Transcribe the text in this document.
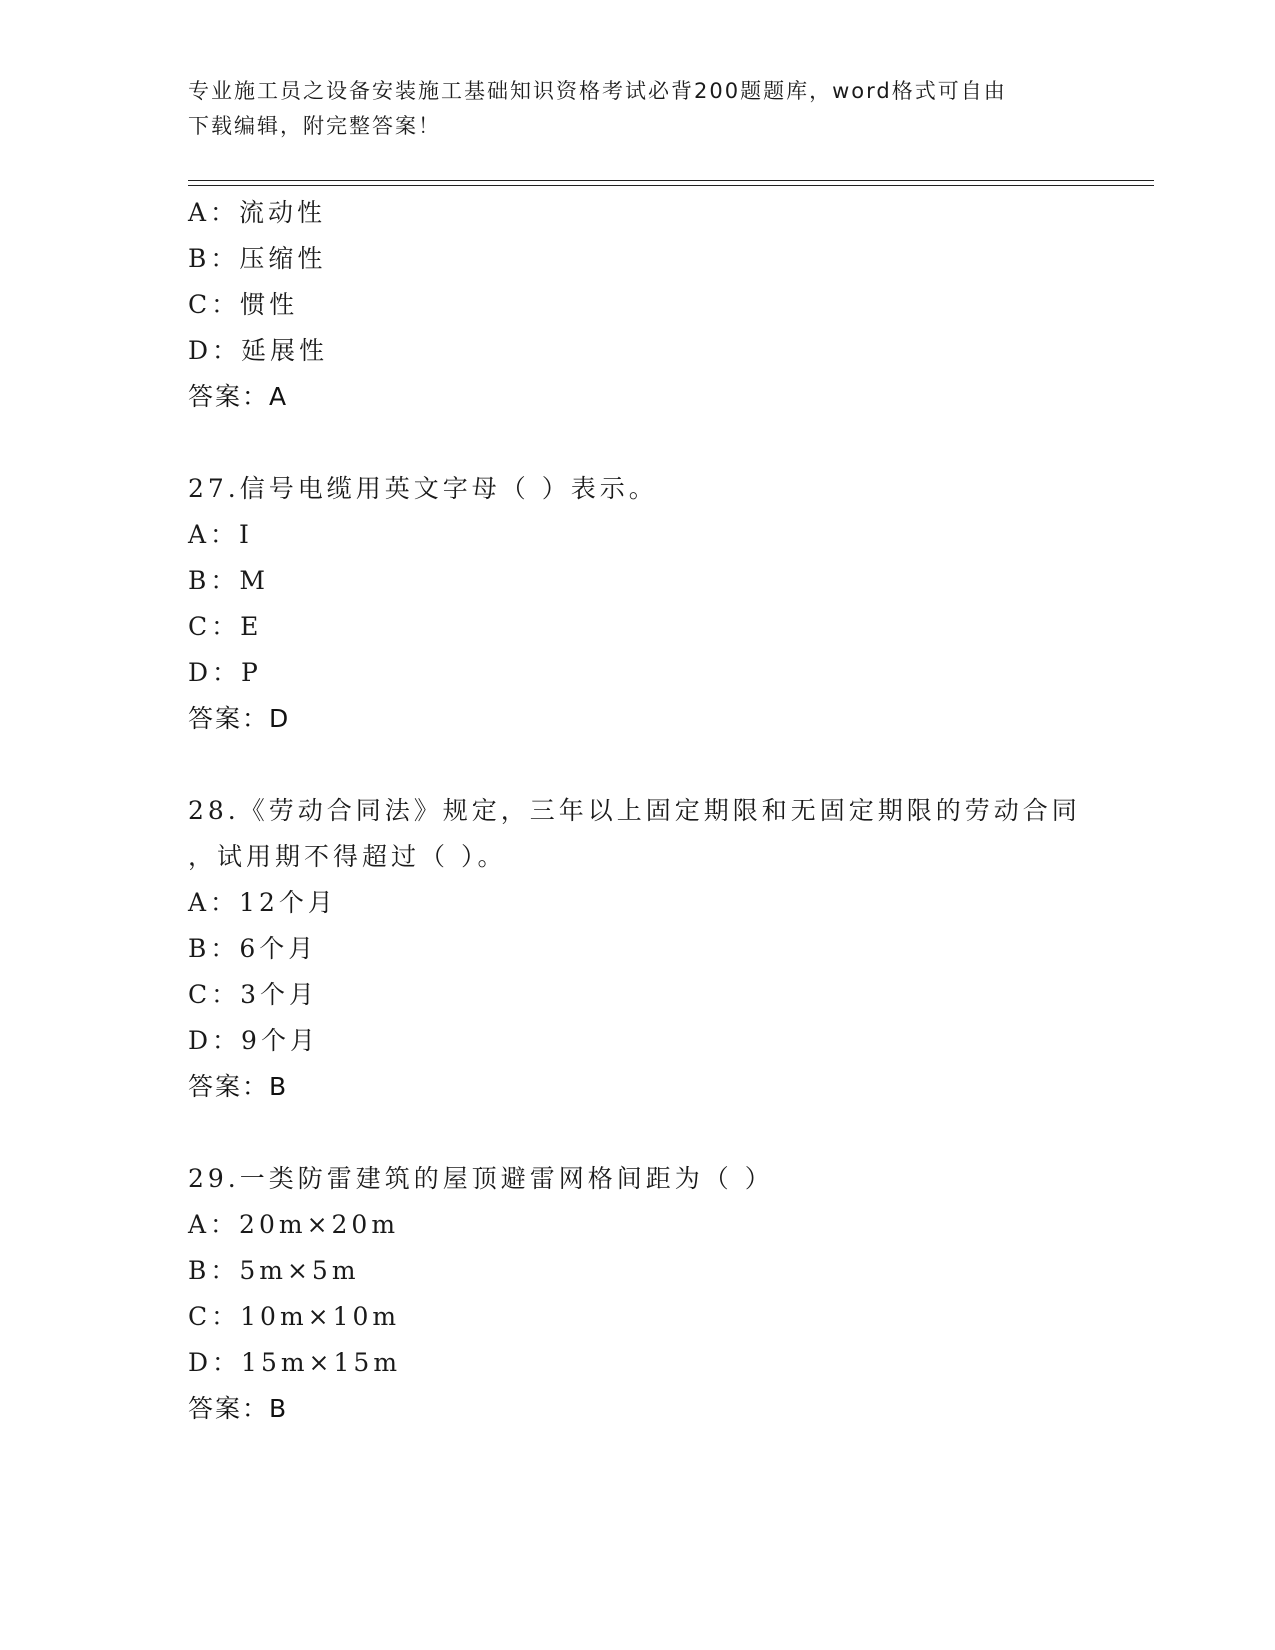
专业施工员之设备安装施工基础知识资格考试必背200题题库，word格式可自由
下载编辑，附完整答案！
A：流动性
B：压缩性
C：惯性
D：延展性
答案：A
27.信号电缆用英文字母（ ）表示。
A：I
B：M
C：E
D：P
答案：D
28.《劳动合同法》规定，三年以上固定期限和无固定期限的劳动合同
，试用期不得超过（ ）。
A：12个月
B：6个月
C：3个月
D：9个月
答案：B
29.一类防雷建筑的屋顶避雷网格间距为（ ）
A：20m×20m
B：5m×5m
C：10m×10m
D：15m×15m
答案：B
